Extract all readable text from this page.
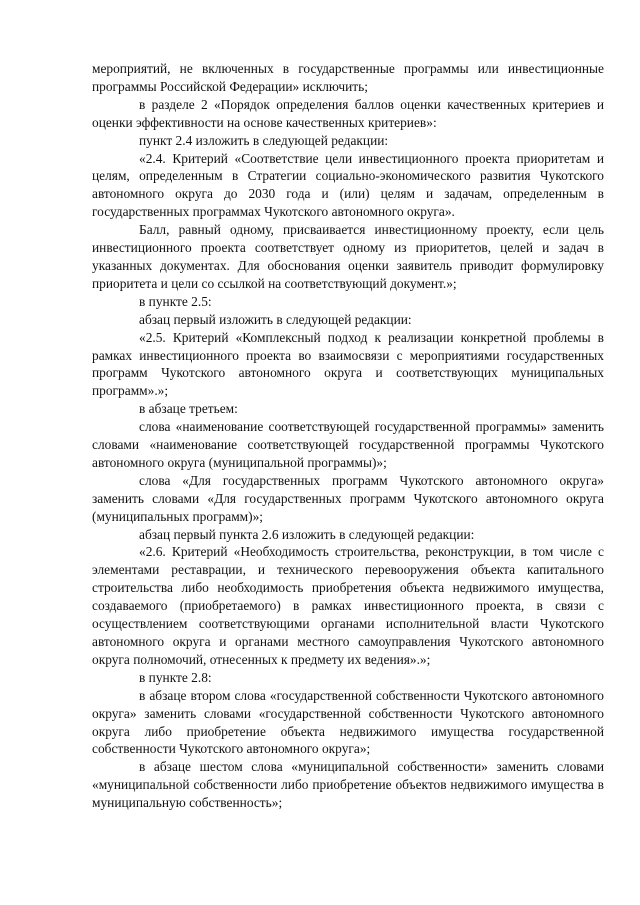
мероприятий, не включенных в государственные программы или инвестиционные программы Российской Федерации» исключить;

в разделе 2 «Порядок определения баллов оценки качественных критериев и оценки эффективности на основе качественных критериев»:

пункт 2.4 изложить в следующей редакции:

«2.4. Критерий «Соответствие цели инвестиционного проекта приоритетам и целям, определенным в Стратегии социально-экономического развития Чукотского автономного округа до 2030 года и (или) целям и задачам, определенным в государственных программах Чукотского автономного округа».

Балл, равный одному, присваивается инвестиционному проекту, если цель инвестиционного проекта соответствует одному из приоритетов, целей и задач в указанных документах. Для обоснования оценки заявитель приводит формулировку приоритета и цели со ссылкой на соответствующий документ.»;

в пункте 2.5:

абзац первый изложить в следующей редакции:

«2.5. Критерий «Комплексный подход к реализации конкретной проблемы в рамках инвестиционного проекта во взаимосвязи с мероприятиями государственных программ Чукотского автономного округа и соответствующих муниципальных программ».»;

в абзаце третьем:

слова «наименование соответствующей государственной программы» заменить словами «наименование соответствующей государственной программы Чукотского автономного округа (муниципальной программы)»;

слова «Для государственных программ Чукотского автономного округа» заменить словами «Для государственных программ Чукотского автономного округа (муниципальных программ)»;

абзац первый пункта 2.6 изложить в следующей редакции:

«2.6. Критерий «Необходимость строительства, реконструкции, в том числе с элементами реставрации, и технического перевооружения объекта капитального строительства либо необходимость приобретения объекта недвижимого имущества, создаваемого (приобретаемого) в рамках инвестиционного проекта, в связи с осуществлением соответствующими органами исполнительной власти Чукотского автономного округа и органами местного самоуправления Чукотского автономного округа полномочий, отнесенных к предмету их ведения».»;

в пункте 2.8:

в абзаце втором слова «государственной собственности Чукотского автономного округа» заменить словами «государственной собственности Чукотского автономного округа либо приобретение объекта недвижимого имущества государственной собственности Чукотского автономного округа»;

в абзаце шестом слова «муниципальной собственности» заменить словами «муниципальной собственности либо приобретение объектов недвижимого имущества в муниципальную собственность»;
